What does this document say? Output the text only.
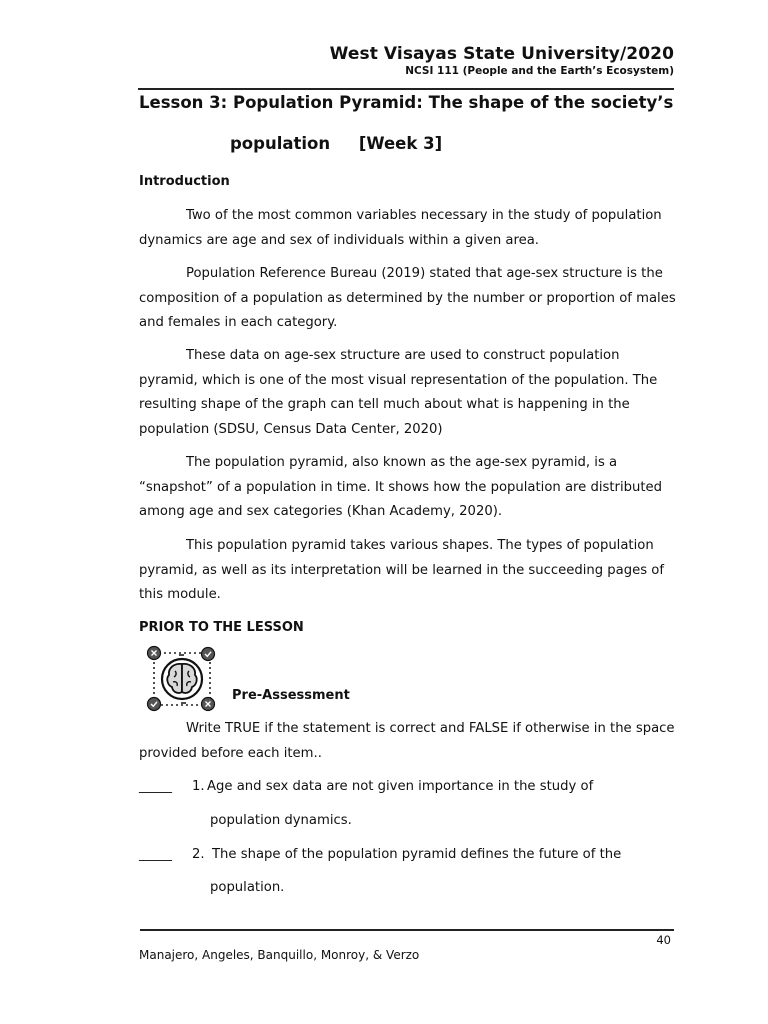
West Visayas State University/2020
NCSI 111 (People and the Earth’s Ecosystem)
Lesson 3: Population Pyramid: The shape of the society’s
population     [Week 3]
Introduction
Two of the most common variables necessary in the study of population dynamics are age and sex of individuals within a given area.
Population Reference Bureau (2019) stated that age-sex structure is the composition of a population as determined by the number or proportion of males and females in each category.
These data on age-sex structure are used to construct population pyramid, which is one of the most visual representation of the population. The resulting shape of the graph can tell much about what is happening in the population (SDSU, Census Data Center, 2020)
The population pyramid, also known as the age-sex pyramid, is a “snapshot” of a population in time. It shows how the population are distributed among age and sex categories (Khan Academy, 2020).
This population pyramid takes various shapes. The types of population pyramid, as well as its interpretation will be learned in the succeeding pages of this module.
PRIOR TO THE LESSON
Pre-Assessment
Write TRUE if the statement is correct and FALSE if otherwise in the space provided before each item..
_____ 1. Age and sex data are not given importance in the study of
population dynamics.
_____ 2. The shape of the population pyramid defines the future of the
population.
40
Manajero, Angeles, Banquillo, Monroy, & Verzo
